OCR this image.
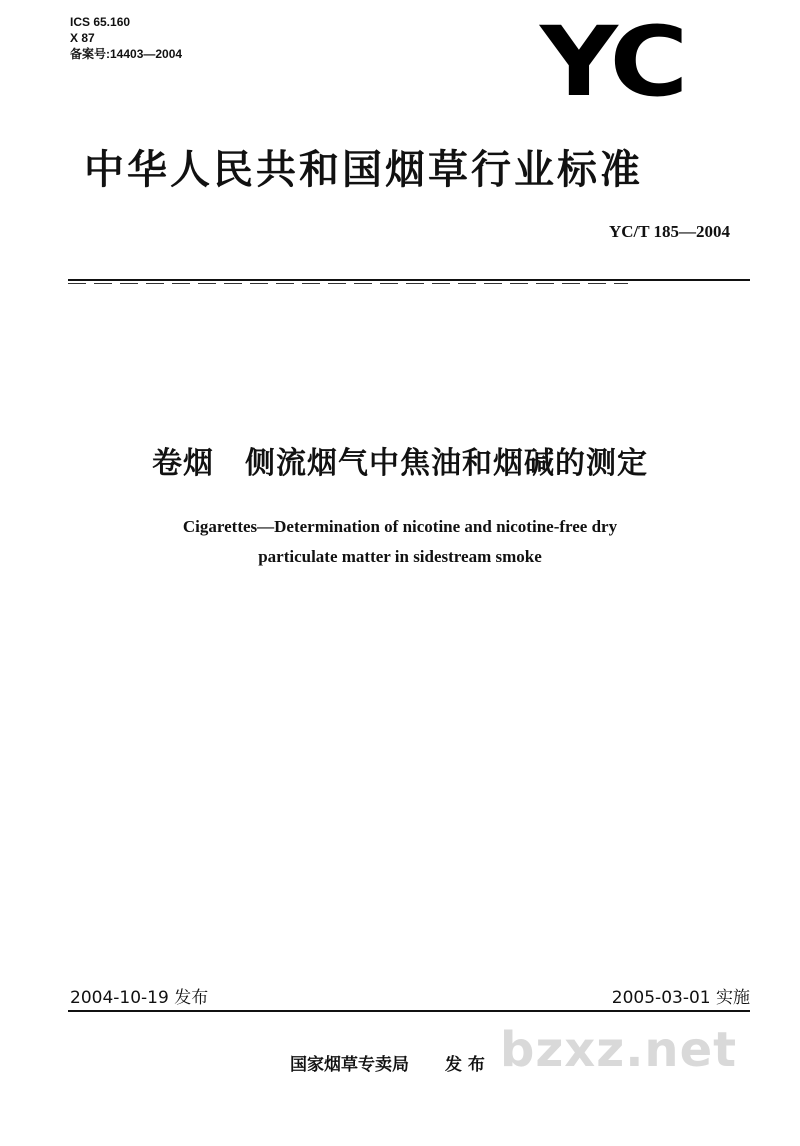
ICS 65.160
X 87
备案号:14403—2004	YC
中华人民共和国烟草行业标准
YC/T 185—2004
卷烟　侧流烟气中焦油和烟碱的测定
Cigarettes—Determination of nicotine and nicotine-free dry
particulate matter in sidestream smoke
2004-10-19 发布	2005-03-01 实施
bzxz.net
国家烟草专卖局 发 布
